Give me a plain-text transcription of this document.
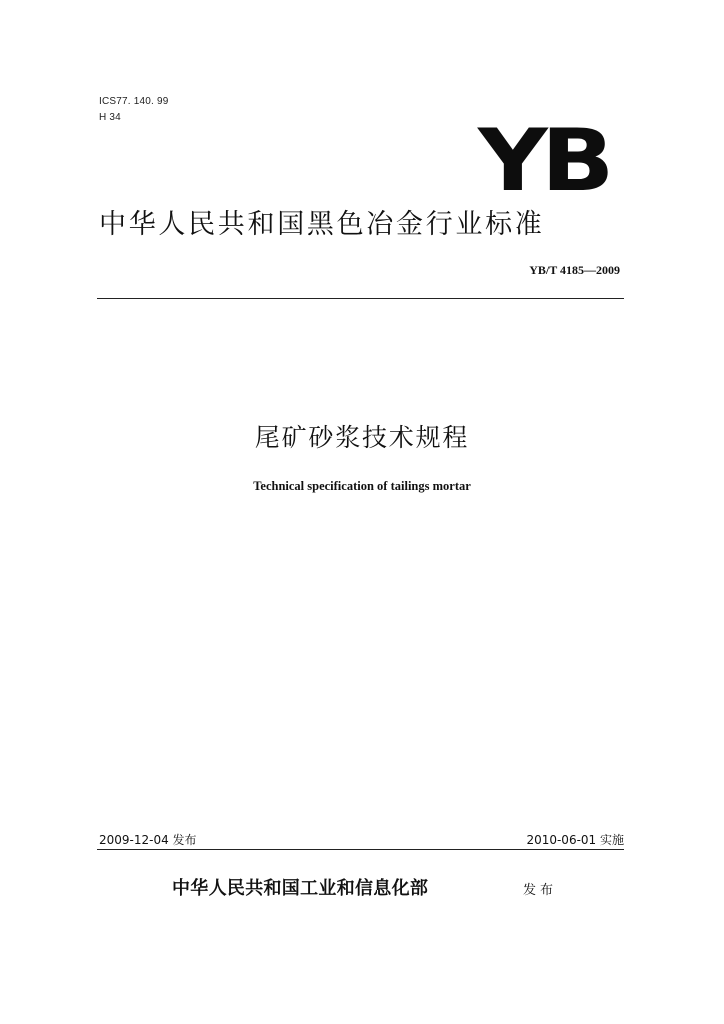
ICS77. 140. 99
H 34	YB
中华人民共和国黑色冶金行业标准
YB/T 4185—2009
尾矿砂浆技术规程
Technical specification of tailings mortar
2009-12-04 发布	2010-06-01 实施
中华人民共和国工业和信息化部	发布
